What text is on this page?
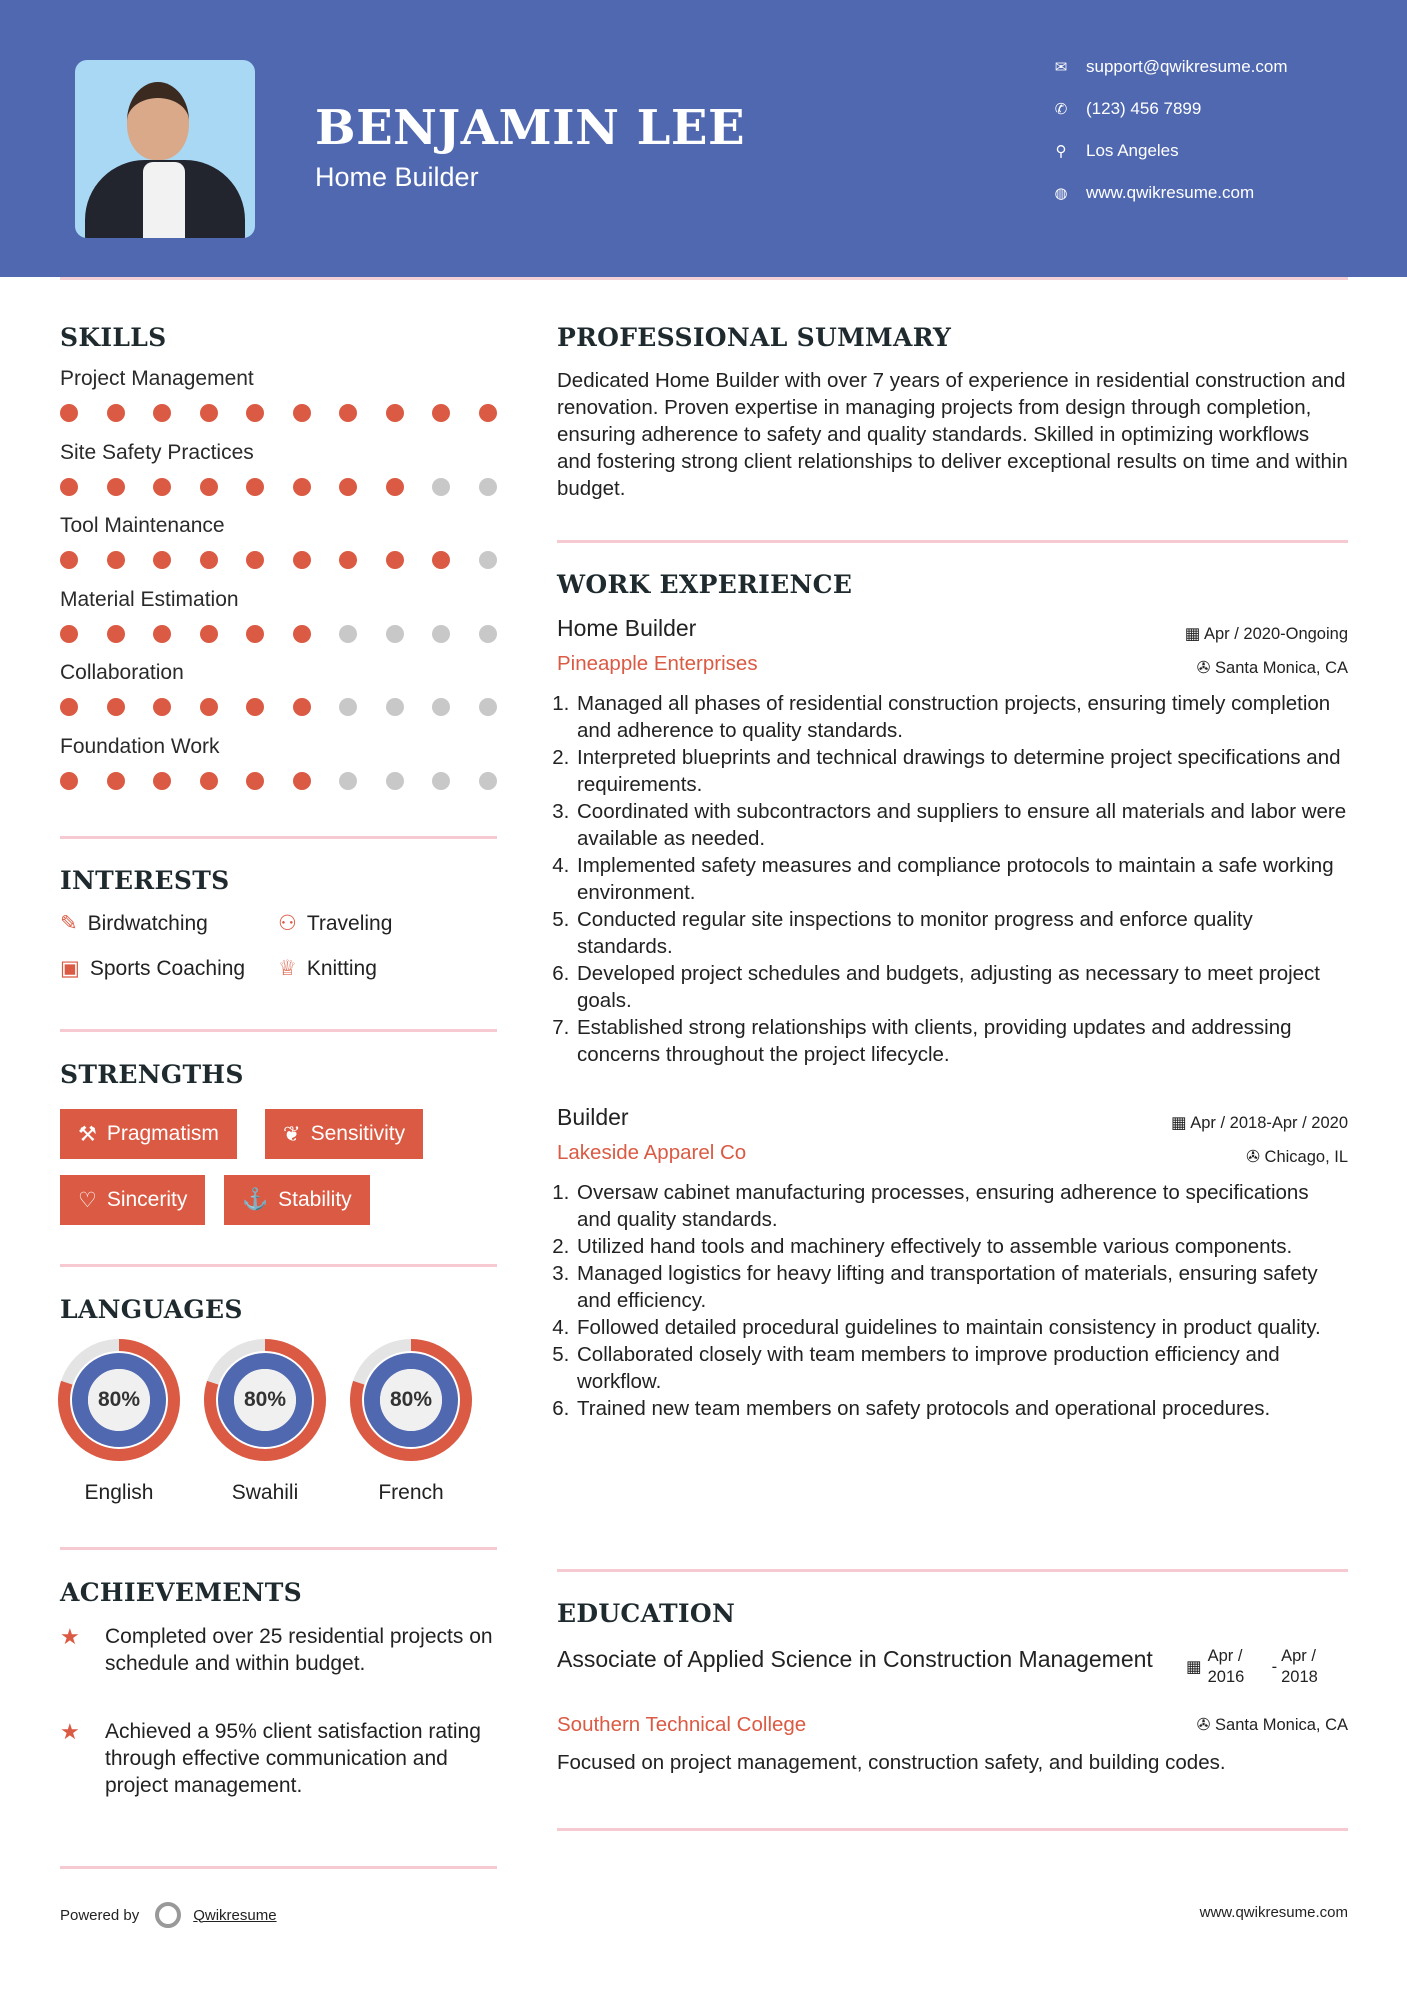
BENJAMIN LEE
Home Builder
✉ support@qwikresume.com
✆ (123) 456 7899
⚲	Los Angeles
◍ www.qwikresume.com
SKILLS
Project Management
Site Safety Practices
Tool Maintenance
Material Estimation
Collaboration
Foundation Work
INTERESTS
✎ Birdwatching	⚇ Traveling
▣ Sports Coaching ♕ Knitting
STRENGTHS
⚒ Pragmatism	❦ Sensitivity
♡ Sincerity	⚓ Stability
LANGUAGES
80%
English
80%
Swahili
80%
French
ACHIEVEMENTS
★	Completed over 25 residential projects on schedule and within budget.
★	Achieved a 95% client satisfaction rating through effective communication and project management.
PROFESSIONAL SUMMARY
Dedicated Home Builder with over 7 years of experience in residential construction and renovation. Proven expertise in managing projects from design through completion, ensuring adherence to safety and quality standards. Skilled in optimizing workflows and fostering strong client relationships to deliver exceptional results on time and within budget.
WORK EXPERIENCE
Home Builder	▦ Apr / 2020-Ongoing
Pineapple Enterprises	✇ Santa Monica, CA
1. Managed all phases of residential construction projects, ensuring timely completion and adherence to quality standards.
2. Interpreted blueprints and technical drawings to determine project specifications and requirements.
3. Coordinated with subcontractors and suppliers to ensure all materials and labor were available as needed.
4. Implemented safety measures and compliance protocols to maintain a safe working environment.
5. Conducted regular site inspections to monitor progress and enforce quality standards.
6. Developed project schedules and budgets, adjusting as necessary to meet project goals.
7. Established strong relationships with clients, providing updates and addressing concerns throughout the project lifecycle.
Builder	▦ Apr / 2018-Apr / 2020
Lakeside Apparel Co	✇ Chicago, IL
1. Oversaw cabinet manufacturing processes, ensuring adherence to specifications and quality standards.
2. Utilized hand tools and machinery effectively to assemble various components.
3. Managed logistics for heavy lifting and transportation of materials, ensuring safety and efficiency.
4. Followed detailed procedural guidelines to maintain consistency in product quality.
5. Collaborated closely with team members to improve production efficiency and workflow.
6. Trained new team members on safety protocols and operational procedures.
EDUCATION
Associate of Applied Science in Construction Management ▦
Apr / 2016
-
Apr / 2018
Southern Technical College	✇ Santa Monica, CA
Focused on project management, construction safety, and building codes.
Powered by	Qwikresume	www.qwikresume.com
